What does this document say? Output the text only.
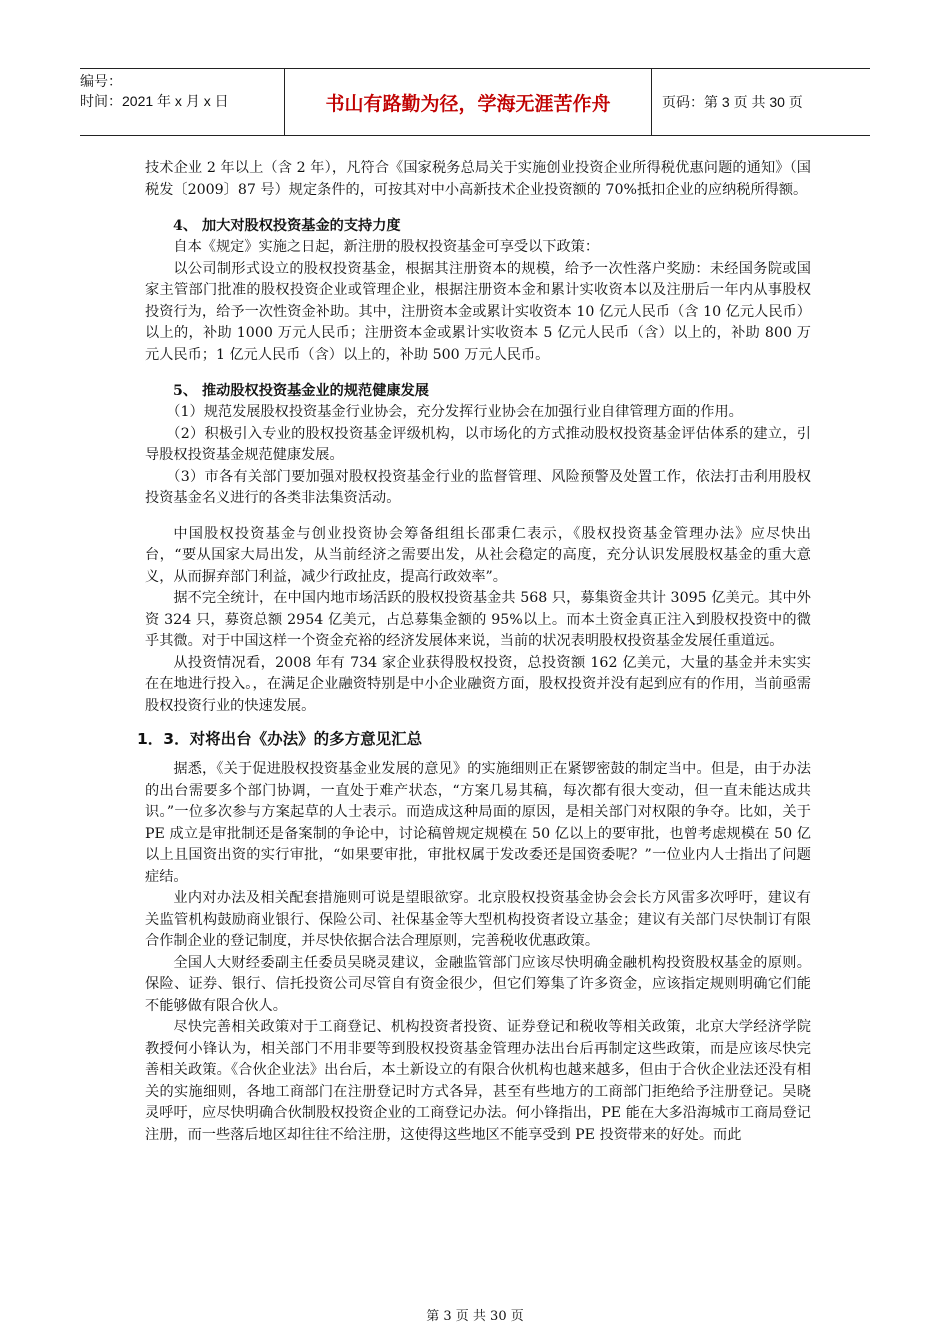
编号：
时间：2021 年 x 月 x 日	书山有路勤为径，学海无涯苦作舟	页码：第 3 页 共 30 页

技术企业 2 年以上（含 2 年），凡符合《国家税务总局关于实施创业投资企业所得税优惠问题的通知》（国税发〔2009〕87 号）规定条件的，可按其对中小高新技术企业投资额的 70%抵扣企业的应纳税所得额。

4、 加大对股权投资基金的支持力度

自本《规定》实施之日起，新注册的股权投资基金可享受以下政策：

以公司制形式设立的股权投资基金，根据其注册资本的规模，给予一次性落户奖励：未经国务院或国家主管部门批准的股权投资企业或管理企业，根据注册资本金和累计实收资本以及注册后一年内从事股权投资行为，给予一次性资金补助。其中，注册资本金或累计实收资本 10 亿元人民币（含 10 亿元人民币）以上的，补助 1000 万元人民币；注册资本金或累计实收资本 5 亿元人民币（含）以上的，补助 800 万元人民币；1 亿元人民币（含）以上的，补助 500 万元人民币。

5、 推动股权投资基金业的规范健康发展

（1）规范发展股权投资基金行业协会，充分发挥行业协会在加强行业自律管理方面的作用。

（2）积极引入专业的股权投资基金评级机构，以市场化的方式推动股权投资基金评估体系的建立，引导股权投资基金规范健康发展。

（3）市各有关部门要加强对股权投资基金行业的监督管理、风险预警及处置工作，依法打击利用股权投资基金名义进行的各类非法集资活动。

中国股权投资基金与创业投资协会筹备组组长邵秉仁表示，《股权投资基金管理办法》应尽快出台，“要从国家大局出发，从当前经济之需要出发，从社会稳定的高度，充分认识发展股权基金的重大意义，从而摒弃部门利益，减少行政扯皮，提高行政效率”。

据不完全统计，在中国内地市场活跃的股权投资基金共 568 只，募集资金共计 3095 亿美元。其中外资 324 只，募资总额 2954 亿美元，占总募集金额的 95%以上。而本土资金真正注入到股权投资中的微乎其微。对于中国这样一个资金充裕的经济发展体来说，当前的状况表明股权投资基金发展任重道远。

从投资情况看，2008 年有 734 家企业获得股权投资，总投资额 162 亿美元，大量的基金并未实实在在地进行投入。，在满足企业融资特别是中小企业融资方面，股权投资并没有起到应有的作用，当前亟需股权投资行业的快速发展。

1．3．对将出台《办法》的多方意见汇总

据悉，《关于促进股权投资基金业发展的意见》的实施细则正在紧锣密鼓的制定当中。但是，由于办法的出台需要多个部门协调，一直处于难产状态，“方案几易其稿，每次都有很大变动，但一直未能达成共识。”一位多次参与方案起草的人士表示。而造成这种局面的原因，是相关部门对权限的争夺。比如，关于 PE 成立是审批制还是备案制的争论中，讨论稿曾规定规模在 50 亿以上的要审批，也曾考虑规模在 50 亿以上且国资出资的实行审批，“如果要审批，审批权属于发改委还是国资委呢？”一位业内人士指出了问题症结。

业内对办法及相关配套措施则可说是望眼欲穿。北京股权投资基金协会会长方风雷多次呼吁，建议有关监管机构鼓励商业银行、保险公司、社保基金等大型机构投资者设立基金；建议有关部门尽快制订有限合作制企业的登记制度，并尽快依据合法合理原则，完善税收优惠政策。

全国人大财经委副主任委员吴晓灵建议，金融监管部门应该尽快明确金融机构投资股权基金的原则。保险、证券、银行、信托投资公司尽管自有资金很少，但它们筹集了许多资金，应该指定规则明确它们能不能够做有限合伙人。

尽快完善相关政策对于工商登记、机构投资者投资、证券登记和税收等相关政策，北京大学经济学院教授何小锋认为，相关部门不用非要等到股权投资基金管理办法出台后再制定这些政策，而是应该尽快完善相关政策。《合伙企业法》出台后，本土新设立的有限合伙机构也越来越多，但由于合伙企业法还没有相关的实施细则，各地工商部门在注册登记时方式各异，甚至有些地方的工商部门拒绝给予注册登记。吴晓灵呼吁，应尽快明确合伙制股权投资企业的工商登记办法。何小锋指出，PE 能在大多沿海城市工商局登记注册，而一些落后地区却往往不给注册，这使得这些地区不能享受到 PE 投资带来的好处。而此

第 3 页 共 30 页
